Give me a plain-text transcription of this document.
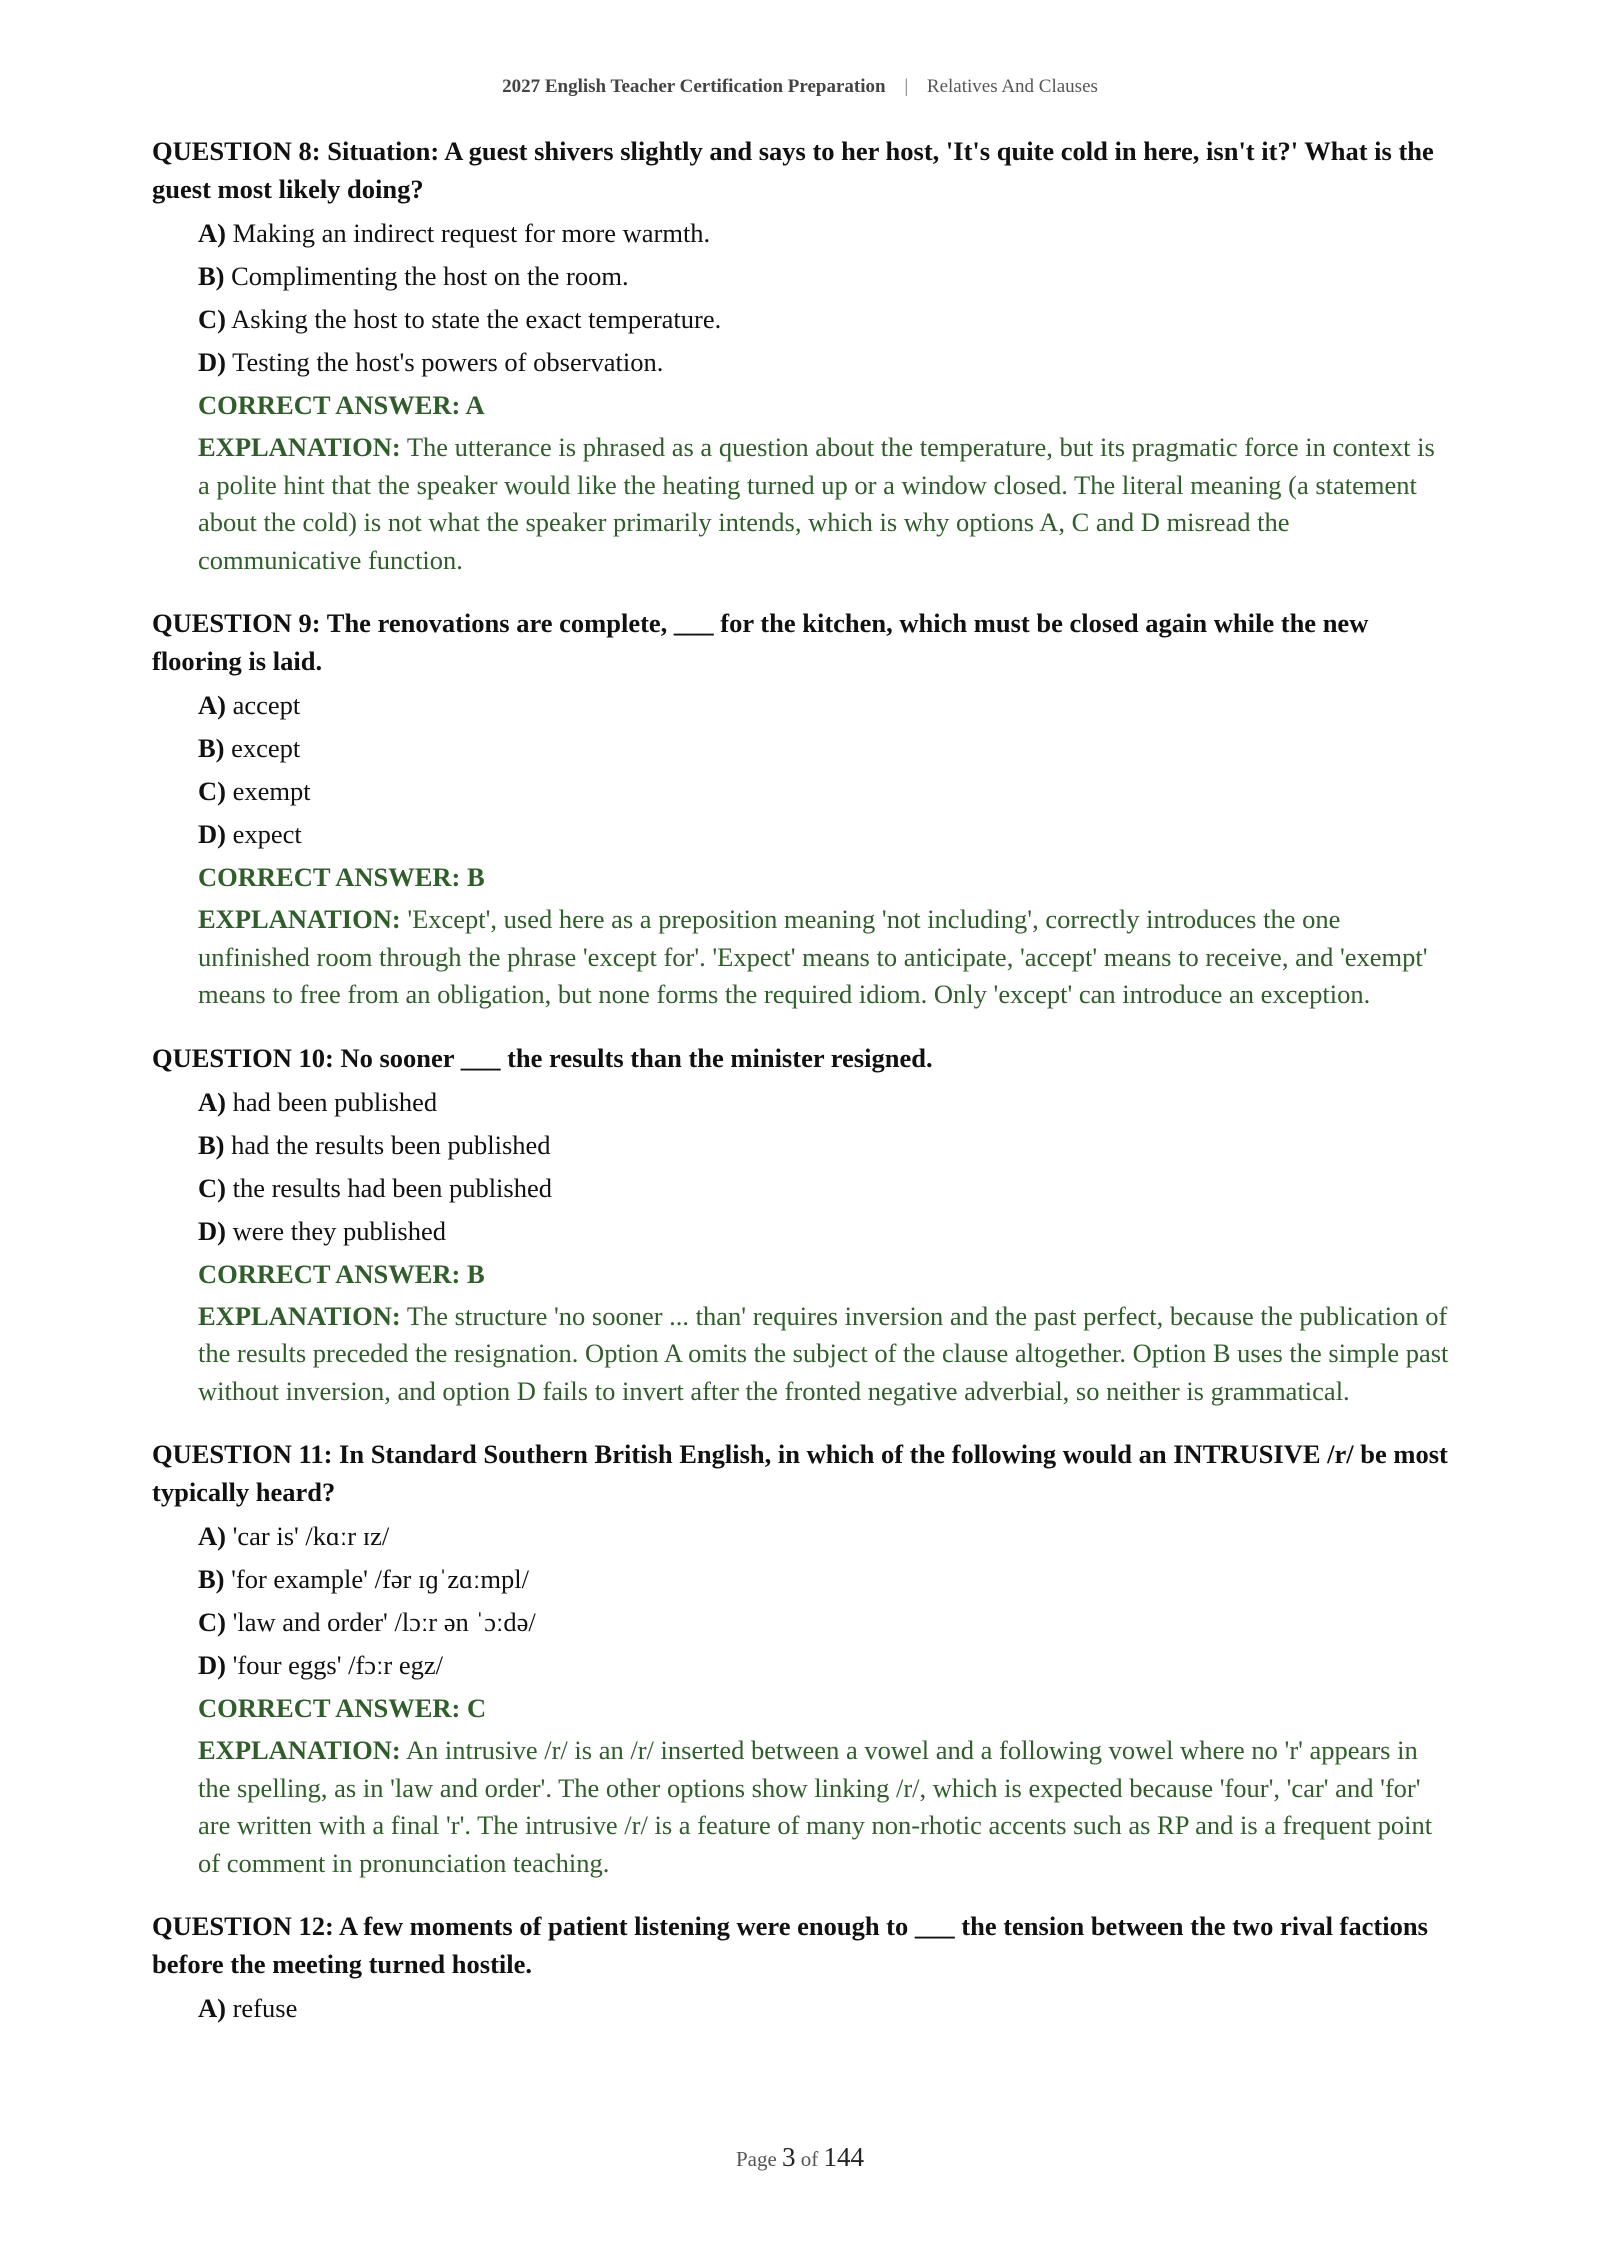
2027 English Teacher Certification Preparation | Relatives And Clauses
QUESTION 8: Situation: A guest shivers slightly and says to her host, 'It's quite cold in here, isn't it?' What is the guest most likely doing?
A) Making an indirect request for more warmth.
B) Complimenting the host on the room.
C) Asking the host to state the exact temperature.
D) Testing the host's powers of observation.
CORRECT ANSWER: A
EXPLANATION: The utterance is phrased as a question about the temperature, but its pragmatic force in context is a polite hint that the speaker would like the heating turned up or a window closed. The literal meaning (a statement about the cold) is not what the speaker primarily intends, which is why options A, C and D misread the communicative function.
QUESTION 9: The renovations are complete, ___ for the kitchen, which must be closed again while the new flooring is laid.
A) accept
B) except
C) exempt
D) expect
CORRECT ANSWER: B
EXPLANATION: 'Except', used here as a preposition meaning 'not including', correctly introduces the one unfinished room through the phrase 'except for'. 'Expect' means to anticipate, 'accept' means to receive, and 'exempt' means to free from an obligation, but none forms the required idiom. Only 'except' can introduce an exception.
QUESTION 10: No sooner ___ the results than the minister resigned.
A) had been published
B) had the results been published
C) the results had been published
D) were they published
CORRECT ANSWER: B
EXPLANATION: The structure 'no sooner ... than' requires inversion and the past perfect, because the publication of the results preceded the resignation. Option A omits the subject of the clause altogether. Option B uses the simple past without inversion, and option D fails to invert after the fronted negative adverbial, so neither is grammatical.
QUESTION 11: In Standard Southern British English, in which of the following would an INTRUSIVE /r/ be most typically heard?
A) 'car is' /kɑːr ɪz/
B) 'for example' /fər ɪɡˈzɑːmpl/
C) 'law and order' /lɔːr ən ˈɔːdə/
D) 'four eggs' /fɔːr egz/
CORRECT ANSWER: C
EXPLANATION: An intrusive /r/ is an /r/ inserted between a vowel and a following vowel where no 'r' appears in the spelling, as in 'law and order'. The other options show linking /r/, which is expected because 'four', 'car' and 'for' are written with a final 'r'. The intrusive /r/ is a feature of many non-rhotic accents such as RP and is a frequent point of comment in pronunciation teaching.
QUESTION 12: A few moments of patient listening were enough to ___ the tension between the two rival factions before the meeting turned hostile.
A) refuse
Page 3 of 144
